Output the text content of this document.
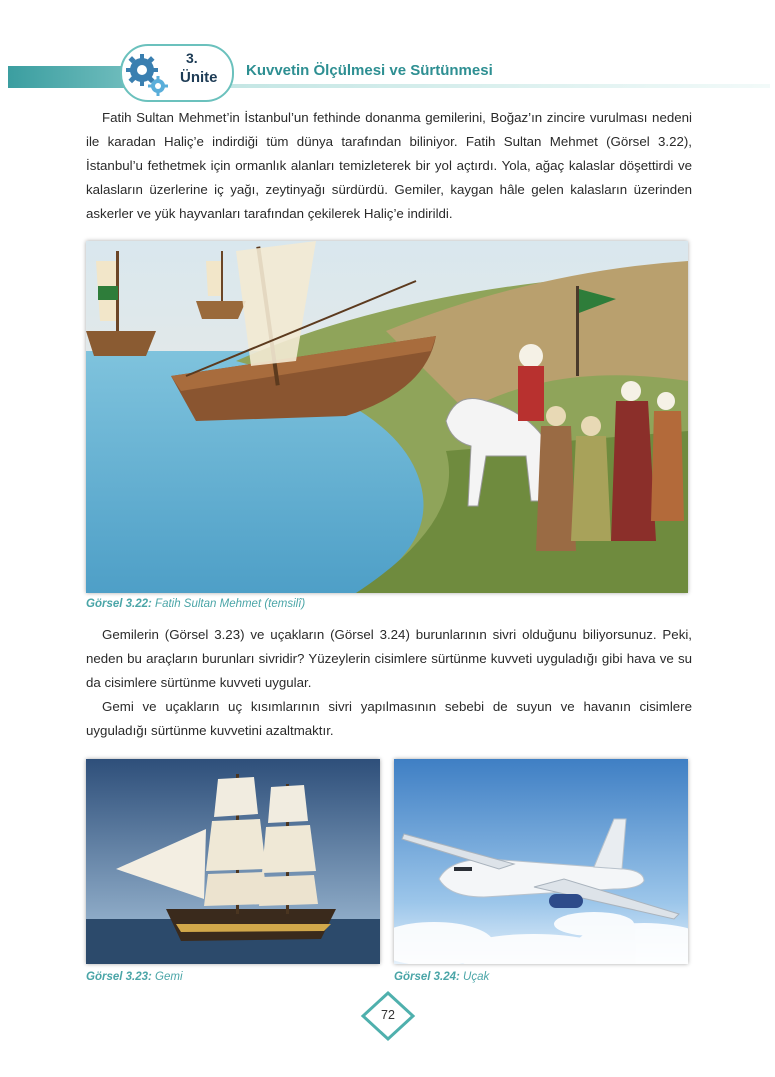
3.
Ünite Kuvvetin Ölçülmesi ve Sürtünmesi

Fatih Sultan Mehmet’in İstanbul’un fethinde donanma gemilerini, Boğaz’ın zincire vurulması nedeni ile karadan Haliç’e indirdiği tüm dünya tarafından biliniyor. Fatih Sultan Mehmet (Görsel 3.22), İstanbul’u fethetmek için ormanlık alanları temizleterek bir yol açtırdı. Yola, ağaç kalaslar döşettirdi ve kalasların üzerlerine iç yağı, zeytinyağı sürdürdü. Gemiler, kaygan hâle gelen kalasların üzerinden askerler ve yük hayvanları tarafından çekilerek Haliç’e indirildi.

Görsel 3.22: Fatih Sultan Mehmet (temsilî)

Gemilerin (Görsel 3.23) ve uçakların (Görsel 3.24) burunlarının sivri olduğunu biliyorsunuz. Peki, neden bu araçların burunları sivridir? Yüzeylerin cisimlere sürtünme kuvveti uyguladığı gibi hava ve su da cisimlere sürtünme kuvveti uygular.

Gemi ve uçakların uç kısımlarının sivri yapılmasının sebebi de suyun ve havanın cisimlere uyguladığı sürtünme kuvvetini azaltmaktır.

Görsel 3.23: Gemi	Görsel 3.24: Uçak
72
